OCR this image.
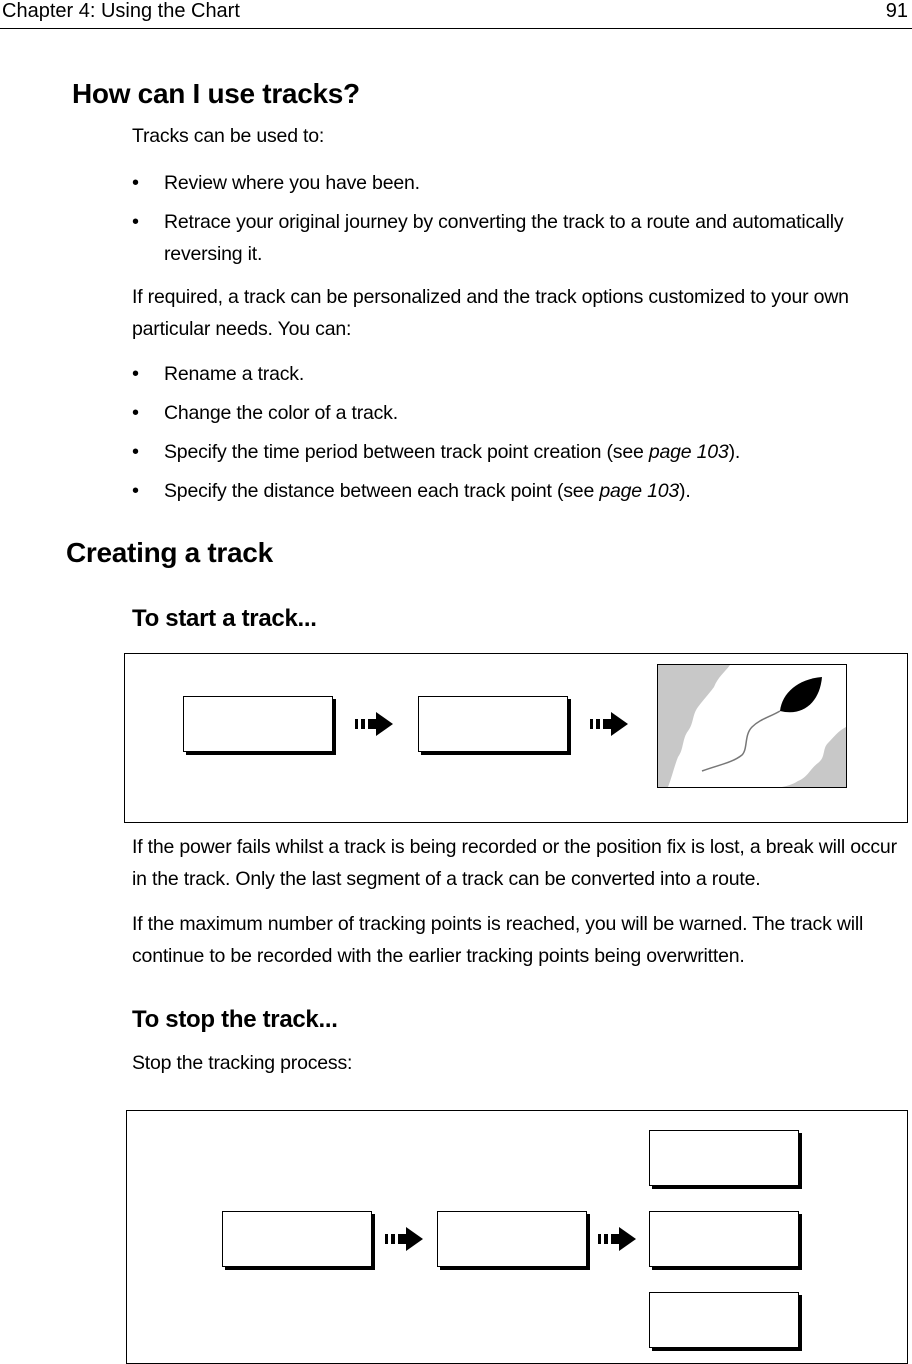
Chapter 4: Using the Chart	91
How can I use tracks?
Tracks can be used to:
• Review where you have been.
• Retrace your original journey by converting the track to a route and automatically reversing it.
If required, a track can be personalized and the track options customized to your own particular needs. You can:
• Rename a track.
• Change the color of a track.
• Specify the time period between track point creation (see page 103).
• Specify the distance between each track point (see page 103).
Creating a track
To start a track...
If the power fails whilst a track is being recorded or the position fix is lost, a break will occur in the track. Only the last segment of a track can be converted into a route.
If the maximum number of tracking points is reached, you will be warned. The track will continue to be recorded with the earlier tracking points being overwritten.
To stop the track...
Stop the tracking process:
